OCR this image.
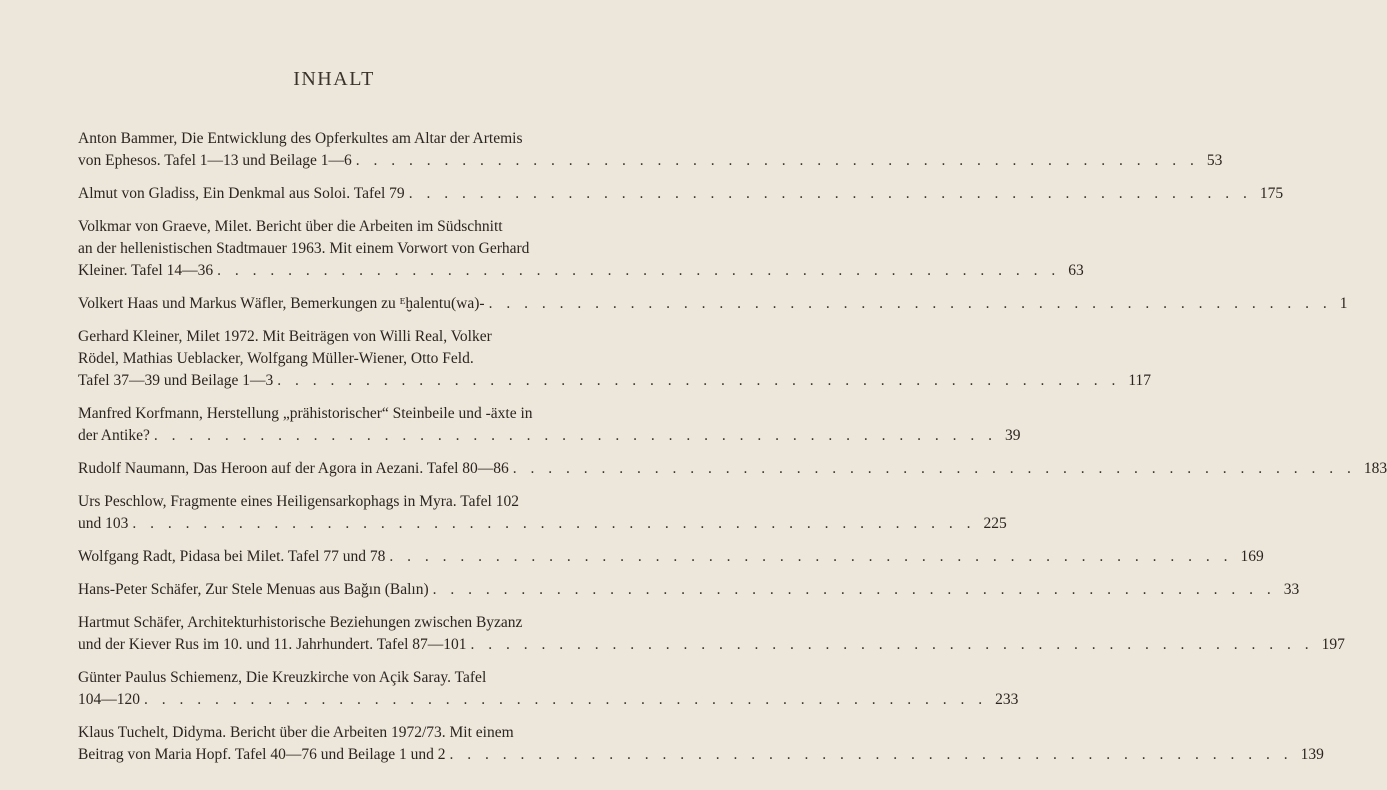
INHALT
Anton Bammer, Die Entwicklung des Opferkultes am Altar der Artemis
von Ephesos. Tafel 1—13 und Beilage 1—6 . . . . . . . . . . . . . . . . . . . . . . . . . . . . . . . . . . . . . . . . . . . . . . . . 53
Almut von Gladiss, Ein Denkmal aus Soloi. Tafel 79 . . . . . . . . . . . . . . . . . . . . . . . . . . . . . . . . . . . . . . . . . . . . . . . . 175
Volkmar von Graeve, Milet. Bericht über die Arbeiten im Südschnitt
an der hellenistischen Stadtmauer 1963. Mit einem Vorwort von Gerhard
Kleiner. Tafel 14—36 . . . . . . . . . . . . . . . . . . . . . . . . . . . . . . . . . . . . . . . . . . . . . . . . 63
Volkert Haas und Markus Wäfler, Bemerkungen zu ᴱḫalentu(wa)- . . . . . . . . . . . . . . . . . . . . . . . . . . . . . . . . . . . . . . . . . . . . . . . . 1
Gerhard Kleiner, Milet 1972. Mit Beiträgen von Willi Real, Volker
Rödel, Mathias Ueblacker, Wolfgang Müller-Wiener, Otto Feld.
Tafel 37—39 und Beilage 1—3 . . . . . . . . . . . . . . . . . . . . . . . . . . . . . . . . . . . . . . . . . . . . . . . . 117
Manfred Korfmann, Herstellung „prähistorischer“ Steinbeile und -äxte in
der Antike? . . . . . . . . . . . . . . . . . . . . . . . . . . . . . . . . . . . . . . . . . . . . . . . . 39
Rudolf Naumann, Das Heroon auf der Agora in Aezani. Tafel 80—86 . . . . . . . . . . . . . . . . . . . . . . . . . . . . . . . . . . . . . . . . . . . . . . . . 183
Urs Peschlow, Fragmente eines Heiligensarkophags in Myra. Tafel 102
und 103 . . . . . . . . . . . . . . . . . . . . . . . . . . . . . . . . . . . . . . . . . . . . . . . . 225
Wolfgang Radt, Pidasa bei Milet. Tafel 77 und 78 . . . . . . . . . . . . . . . . . . . . . . . . . . . . . . . . . . . . . . . . . . . . . . . . 169
Hans-Peter Schäfer, Zur Stele Menuas aus Bağın (Balın) . . . . . . . . . . . . . . . . . . . . . . . . . . . . . . . . . . . . . . . . . . . . . . . . 33
Hartmut Schäfer, Architekturhistorische Beziehungen zwischen Byzanz
und der Kiever Rus im 10. und 11. Jahrhundert. Tafel 87—101 . . . . . . . . . . . . . . . . . . . . . . . . . . . . . . . . . . . . . . . . . . . . . . . . 197
Günter Paulus Schiemenz, Die Kreuzkirche von Açik Saray. Tafel
104—120 . . . . . . . . . . . . . . . . . . . . . . . . . . . . . . . . . . . . . . . . . . . . . . . . 233
Klaus Tuchelt, Didyma. Bericht über die Arbeiten 1972/73. Mit einem
Beitrag von Maria Hopf. Tafel 40—76 und Beilage 1 und 2 . . . . . . . . . . . . . . . . . . . . . . . . . . . . . . . . . . . . . . . . . . . . . . . . 139
